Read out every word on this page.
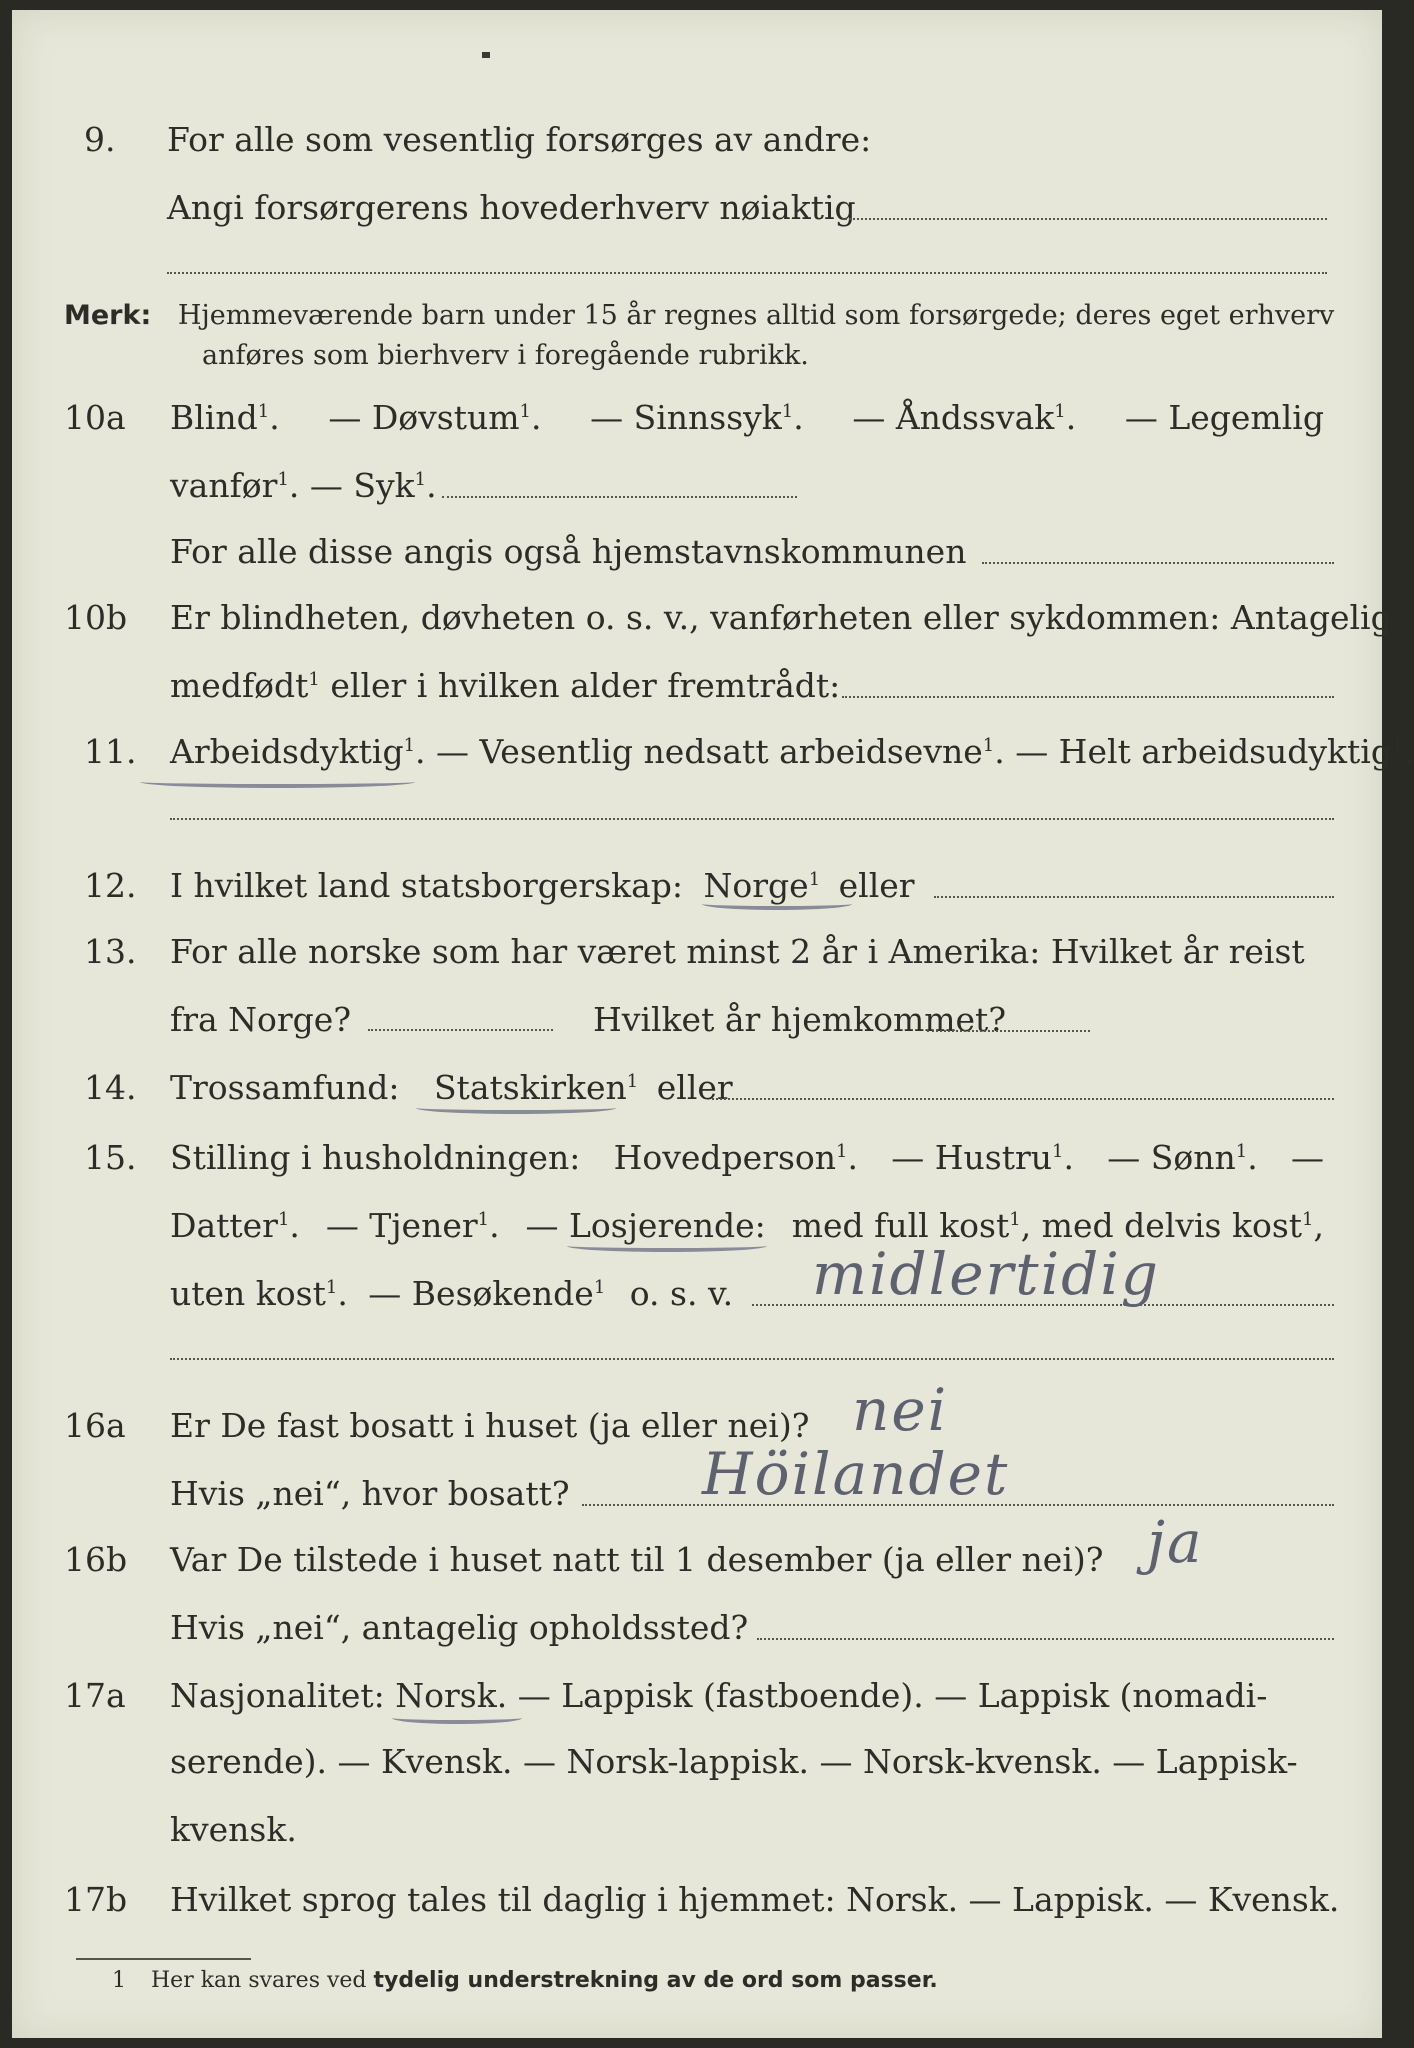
9.	For alle som vesentlig forsørges av andre:
Angi forsørgerens hovederhverv nøiaktig
Merk: Hjemmeværende barn under 15 år regnes alltid som forsørgede; deres eget erhverv
anføres som bierhverv i foregående rubrikk.
10a	Blind$^1$. — Døvstum$^1$. — Sinnssyk$^1$. — Åndssvak$^1$. — Legemlig
vanfør$^1$. — Syk$^1$.
For alle disse angis også hjemstavnskommunen
10b	Er blindheten, døvheten o. s. v., vanførheten eller sykdommen: Antagelig
medfødt$^1$ eller i hvilken alder fremtrådt:
11.	Arbeidsdyktig$^1$. — Vesentlig nedsatt arbeidsevne$^1$. — Helt arbeidsudyktig$^1$.
12.	I hvilket land statsborgerskap: Norge$^1$ eller
13.	For alle norske som har været minst 2 år i Amerika: Hvilket år reist
fra Norge?	Hvilket år hjemkommet?
14.	Trossamfund: Statskirken$^1$ eller
15.	Stilling i husholdningen: Hovedperson$^1$. — Hustru$^1$. — Sønn$^1$. —
Datter$^1$. — Tjener$^1$. — Losjerende: med full kost$^1$, med delvis kost$^1$,
uten kost$^1$. — Besøkende$^1$ o. s. v. midlertidig
16a	Er De fast bosatt i huset (ja eller nei)? nei
Hvis „nei“, hvor bosatt? Höilandet
16b	Var De tilstede i huset natt til 1 desember (ja eller nei)? ja
Hvis „nei“, antagelig opholdssted?
17a	Nasjonalitet: Norsk. — Lappisk (fastboende). — Lappisk (nomadi-
serende). — Kvensk. — Norsk-lappisk. — Norsk-kvensk. — Lappisk-
kvensk.
17b	Hvilket sprog tales til daglig i hjemmet: Norsk. — Lappisk. — Kvensk.
1 Her kan svares ved tydelig understrekning av de ord som passer.
